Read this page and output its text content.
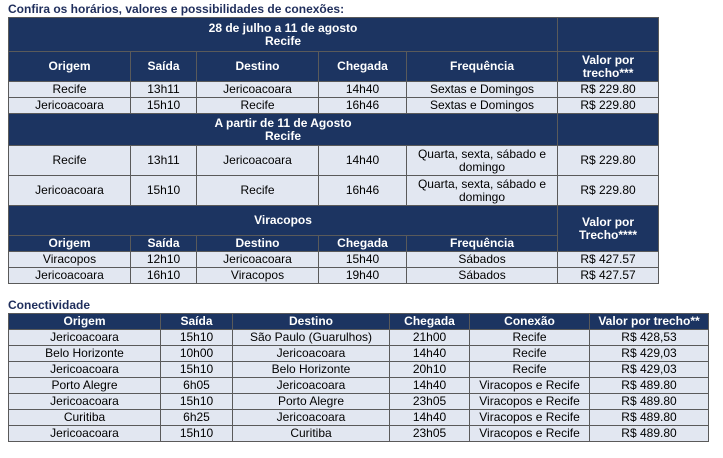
Confira os horários, valores e possibilidades de conexões:
28 de julho a 11 de agosto
Recife					

Origem	Saída	Destino	Chegada	Frequência	Valor por trecho***
Recife	13h11	Jericoacoara	14h40	Sextas e Domingos	R$ 229.80
Jericoacoara	15h10	Recife	16h46	Sextas e Domingos	R$ 229.80

A partir de 11 de Agosto
Recife					

Recife	13h11	Jericoacoara	14h40	Quarta, sexta, sábado e domingo	R$ 229.80
Jericoacoara	15h10	Recife	16h46	Quarta, sexta, sábado e domingo	R$ 229.80
Viracopos					Valor por Trecho****
Origem	Saída	Destino	Chegada	Frequência	
Viracopos	12h10	Jericoacoara	15h40	Sábados	R$ 427.57
Jericoacoara	16h10	Viracopos	19h40	Sábados	R$ 427.57
Conectividade
Origem	Saída	Destino	Chegada	Conexão	Valor por trecho**
Jericoacoara	15h10	São Paulo (Guarulhos)	21h00	Recife	R$ 428,53
Belo Horizonte	10h00	Jericoacoara	14h40	Recife	R$ 429,03
Jericoacoara	15h10	Belo Horizonte	20h10	Recife	R$ 429,03
Porto Alegre	6h05	Jericoacoara	14h40	Viracopos e Recife	R$ 489.80
Jericoacoara	15h10	Porto Alegre	23h05	Viracopos e Recife	R$ 489.80
Curitiba	6h25	Jericoacoara	14h40	Viracopos e Recife	R$ 489.80
Jericoacoara	15h10	Curitiba	23h05	Viracopos e Recife	R$ 489.80
